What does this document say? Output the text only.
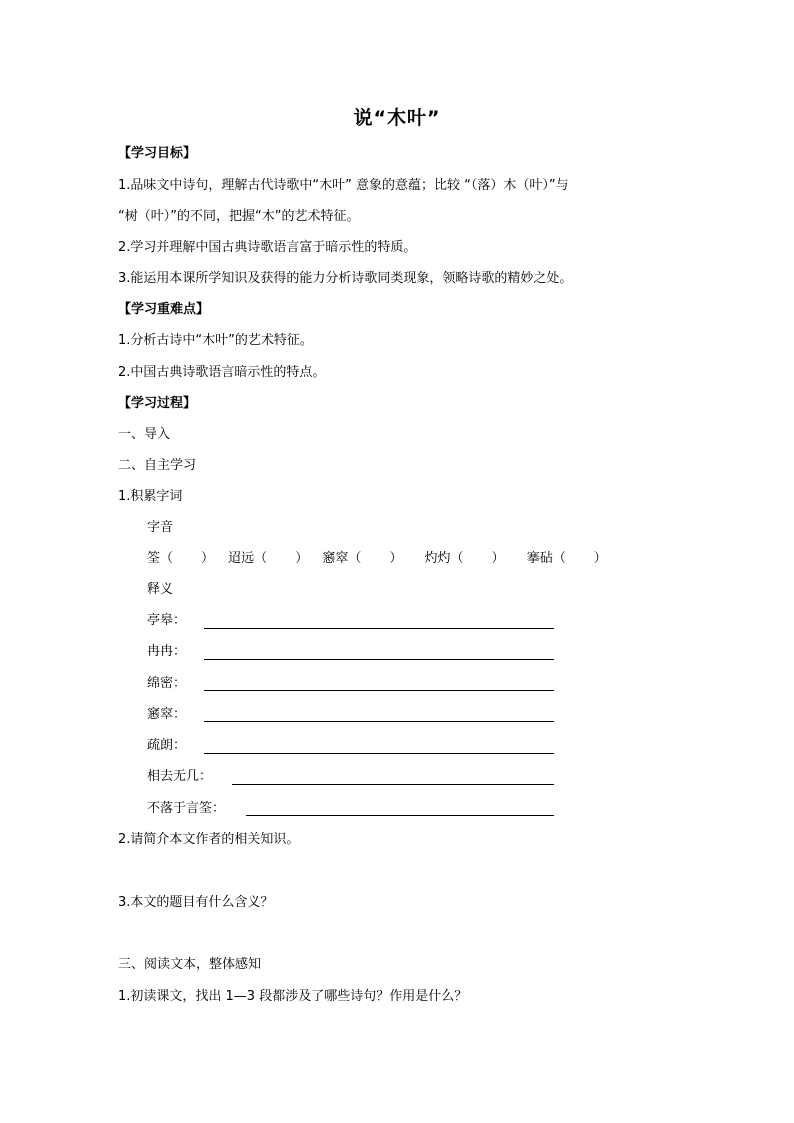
说“木叶”
【学习目标】
1.品味文中诗句，理解古代诗歌中“木叶” 意象的意蕴；比较 “（落）木（叶）”与
“树（叶）”的不同，把握“木”的艺术特征。
2.学习并理解中国古典诗歌语言富于暗示性的特质。
3.能运用本课所学知识及获得的能力分析诗歌同类现象，领略诗歌的精妙之处。
【学习重难点】
1.分析古诗中“木叶”的艺术特征。
2.中国古典诗歌语言暗示性的特点。
【学习过程】
一、导入
二、自主学习
1.积累字词
字音
筌（ ） 迢远（ ） 窸窣（ ） 灼灼（ ） 搴砧（ ）
释义
亭皋：
冉冉：
绵密：
窸窣：
疏朗：
相去无几：
不落于言筌：
2.请简介本文作者的相关知识。
3.本文的题目有什么含义？
三、阅读文本，整体感知
1.初读课文，找出 1—3 段都涉及了哪些诗句？作用是什么？
